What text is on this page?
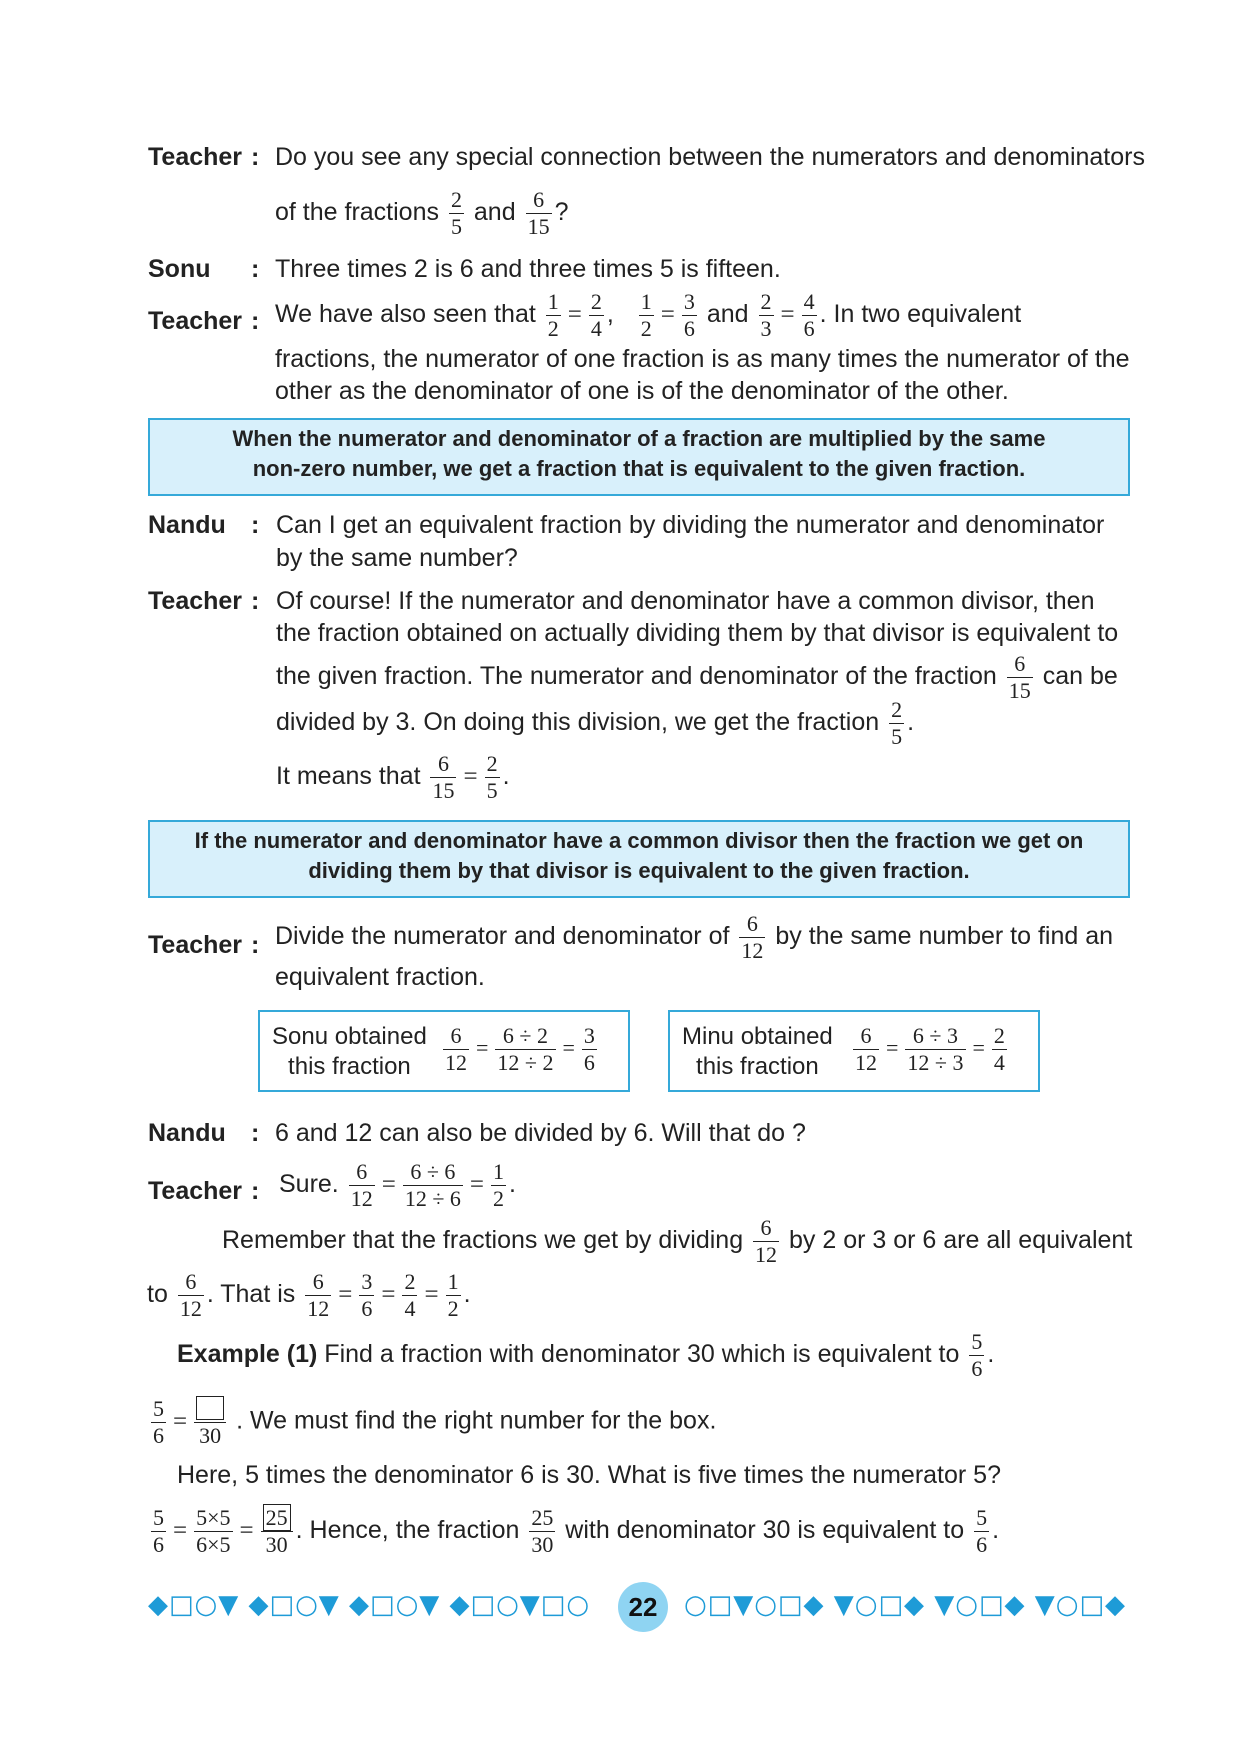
Teacher : Do you see any special connection between the numerators and denominators
of the fractions $\frac{2}{5}$ and $\frac{6}{15}$ ?
Sonu : Three times 2 is 6 and three times 5 is fifteen.
Teacher : We have also seen that $\frac{1}{2} = \frac{2}{4}$ , $\frac{1}{2} = \frac{3}{6}$ and $\frac{2}{3} = \frac{4}{6}$ . In two equivalent
fractions, the numerator of one fraction is as many times the numerator of the
other as the denominator of one is of the denominator of the other.
When the numerator and denominator of a fraction are multiplied by the same
non-zero number, we get a fraction that is equivalent to the given fraction.
Nandu : Can I get an equivalent fraction by dividing the numerator and denominator
by the same number?
Teacher : Of course! If the numerator and denominator have a common divisor, then
the fraction obtained on actually dividing them by that divisor is equivalent to
the given fraction. The numerator and denominator of the fraction $\frac{6}{15}$ can be
divided by 3. On doing this division, we get the fraction $\frac{2}{5}$ .
It means that $\frac{6}{15} = \frac{2}{5}$ .
If the numerator and denominator have a common divisor then the fraction we get on
dividing them by that divisor is equivalent to the given fraction.
Teacher : Divide the numerator and denominator of $\frac{6}{12}$ by the same number to find an
equivalent fraction.
Sonu obtained
this fraction	$\frac{6}{12} = \frac{6 \div 2}{12 \div 2} = \frac{3}{6}$	Minu obtained
this fraction	$\frac{6}{12} = \frac{6 \div 3}{12 \div 3} = \frac{2}{4}$
Nandu : 6 and 12 can also be divided by 6. Will that do ?
Teacher : Sure. $\frac{6}{12} = \frac{6 \div 6}{12 \div 6} = \frac{1}{2}$ .
Remember that the fractions we get by dividing $\frac{6}{12}$ by 2 or 3 or 6 are all equivalent
to $\frac{6}{12}$ . That is $\frac{6}{12} = \frac{3}{6} = \frac{2}{4} = \frac{1}{2}$ .
Example (1) Find a fraction with denominator 30 which is equivalent to $\frac{5}{6}$ .
$\frac{5}{6}$ =
30
. We must find the right number for the box.
Here, 5 times the denominator 6 is 30. What is five times the numerator 5?
$\frac{5}{6} = \frac{5\times 5}{6\times 5} = \frac{25}{30}$ . Hence, the fraction $\frac{25}{30}$ with denominator 30 is equivalent to $\frac{5}{6}$ .
◆□○▼ ◆□○▼ ◆□○▼ ◆□○▼□○	22	○□▼○□◆ ▼○□◆ ▼○□◆ ▼○□◆
